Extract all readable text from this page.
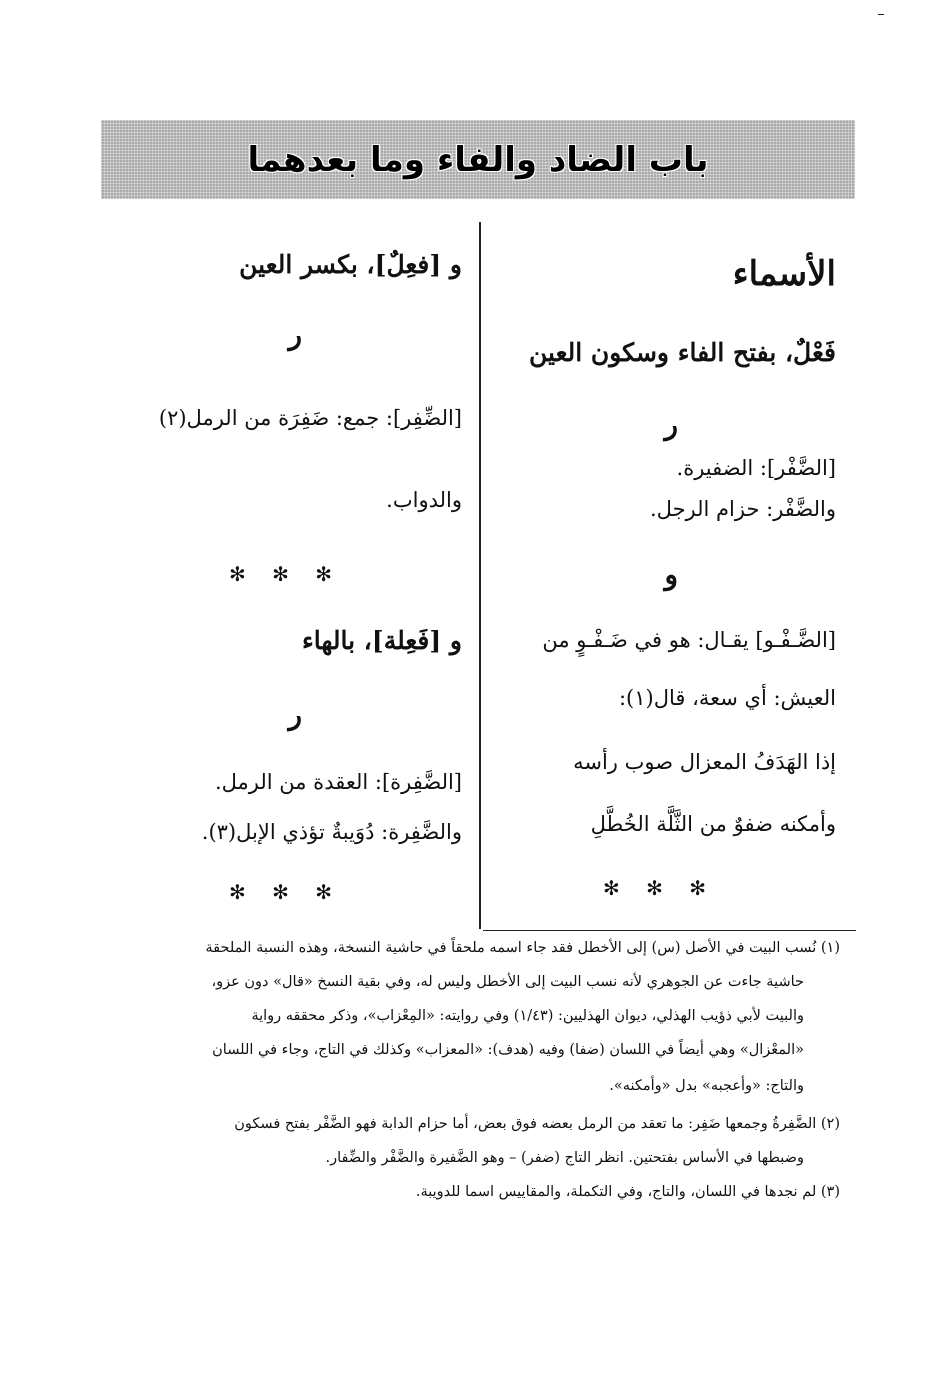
باب الضاد والفاء وما بعدهما
الأسماء
فَعْلٌ، بفتح الفاء وسكون العين
ر
[الضَّفْر]: الضفيرة.
والضَّفْر: حزام الرجل.
و
[الضَّـفْـو] يقـال: هو في ضَـفْـوٍ من
العيش: أي سعة، قال(١):
إذا الهَدَفُ المعزال صوب رأسه
وأمكنه ضفوٌ من الثَّلَّة الخُطَّلِ
✻ ✻ ✻
و [فعِلٌ]، بكسر العين
ر
[الضِّفِر]: جمع: ضَفِرَة من الرمل(٢)
والدواب.
✻ ✻ ✻
و [فَعِلة]، بالهاء
ر
[الضَّفِرة]: العقدة من الرمل.
والضَّفِرة: دُوَيبةٌ تؤذي الإبل(٣).
✻ ✻ ✻
(١) نُسب البيت في الأصل (س) إلى الأخطل فقد جاء اسمه ملحقاً في حاشية النسخة، وهذه النسبة الملحقة
حاشية جاءت عن الجوهري لأنه نسب البيت إلى الأخطل وليس له، وفي بقية النسخ «قال» دون عزو،
والبيت لأبي ذؤيب الهذلي، ديوان الهذليين: (١/٤٣) وفي روايته: «المِعْزاب»، وذكر محققه رواية
«المعْزال» وهي أيضاً في اللسان (ضفا) وفيه (هدف): «المعزاب» وكذلك في التاج، وجاء في اللسان
والتاج: «وأعجبه» بدل «وأمكنه».
(٢) الضَّفِرةُ وجمعها ضَفِر: ما تعقد من الرمل بعضه فوق بعض، أما حزام الدابة فهو الضَّفْر بفتح فسكون
وضبطها في الأساس بفتحتين. انظر التاج (ضفر) – وهو الضَّفيرة والضَّفْر والضِّفار.
(٣) لم نجدها في اللسان، والتاج، وفي التكملة، والمقاييس اسما للدويبة.
